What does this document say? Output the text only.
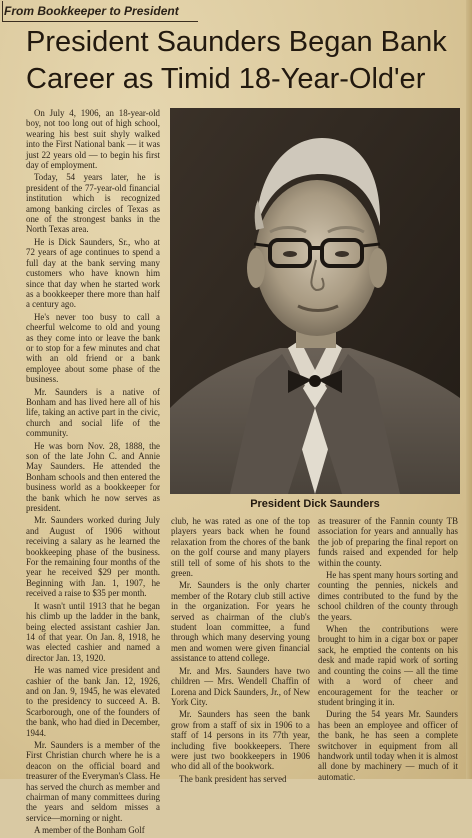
From Bookkeeper to President
President Saunders Began Bank
Career as Timid 18-Year-Old'er

On July 4, 1906, an 18-year-old boy, not too long out of high school, wearing his best suit shyly walked into the First National bank — it was just 22 years old — to begin his first day of employment.

Today, 54 years later, he is president of the 77-year-old financial institution which is recognized among banking circles of Texas as one of the strongest banks in the North Texas area.

He is Dick Saunders, Sr., who at 72 years of age continues to spend a full day at the bank serving many customers who have known him since that day when he started work as a bookkeeper there more than half a century ago.

He's never too busy to call a cheerful welcome to old and young as they come into or leave the bank or to stop for a few minutes and chat with an old friend or a bank employee about some phase of the business.

Mr. Saunders is a native of Bonham and has lived here all of his life, taking an active part in the civic, church and social life of the community.

He was born Nov. 28, 1888, the son of the late John C. and Annie May Saunders. He attended the Bonham schools and then entered the business world as a bookkeeper for the bank which he now serves as president.

Mr. Saunders worked during July and August of 1906 without receiving a salary as he learned the bookkeeping phase of the business. For the remaining four months of the year he received $29 per month. Beginning with Jan. 1, 1907, he received a raise to $35 per month.

It wasn't until 1913 that he began his climb up the ladder in the bank, being elected assistant cashier Jan. 14 of that year. On Jan. 8, 1918, he was elected cashier and named a director Jan. 13, 1920.

He was named vice president and cashier of the bank Jan. 12, 1926, and on Jan. 9, 1945, he was elevated to the presidency to succeed A. B. Scarborough, one of the founders of the bank, who had died in December, 1944.

Mr. Saunders is a member of the First Christian church where he is a deacon on the official board and treasurer of the Everyman's Class. He has served the church as member and chairman of many committees during the years and seldom misses a service—morning or night.

A member of the Bonham Golf

President Dick Saunders

club, he was rated as one of the top players years back when he found relaxation from the chores of the bank on the golf course and many players still tell of some of his shots to the green.

Mr. Saunders is the only charter member of the Rotary club still active in the organization. For years he served as chairman of the club's student loan committee, a fund through which many deserving young men and women were given financial assistance to attend college.

Mr. and Mrs. Saunders have two children — Mrs. Wendell Chaffin of Lorena and Dick Saunders, Jr., of New York City.

Mr. Saunders has seen the bank grow from a staff of six in 1906 to a staff of 14 persons in its 77th year, including five bookkeepers. There were just two bookkeepers in 1906 who did all of the bookwork.

The bank president has served

as treasurer of the Fannin county TB association for years and annually has the job of preparing the final report on funds raised and expended for help within the county.

He has spent many hours sorting and counting the pennies, nickels and dimes contributed to the fund by the school children of the county through the years.

When the contributions were brought to him in a cigar box or paper sack, he emptied the contents on his desk and made rapid work of sorting and counting the coins — all the time with a word of cheer and encouragement for the teacher or student bringing it in.

During the 54 years Mr. Saunders has been an employee and officer of the bank, he has seen a complete switchover in equipment from all handwork until today when it is almost all done by machinery — much of it automatic.
